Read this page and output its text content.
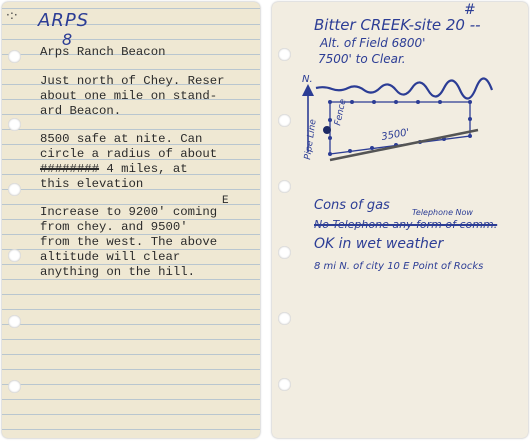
·:· ARPS
8
Arps Ranch Beacon
Just north of Chey. Reser
about one mile on stand-
ard Beacon.
8500 safe at nite. Can
circle a radius of about
######## 4 miles, at
this elevation
E
Increase to 9200' coming
from chey. and 9500'
from the west. The above
altitude will clear
anything on the hill.
#
Bitter CREEK-site 20 --
Alt. of Field 6800'
7500' to Clear.
N.
3500'
Fence
Pipe Line
Cons of gas	Telephone Now
No Telephone any form of comm.
OK in wet weather
8 mi N. of city 10 E Point of Rocks
